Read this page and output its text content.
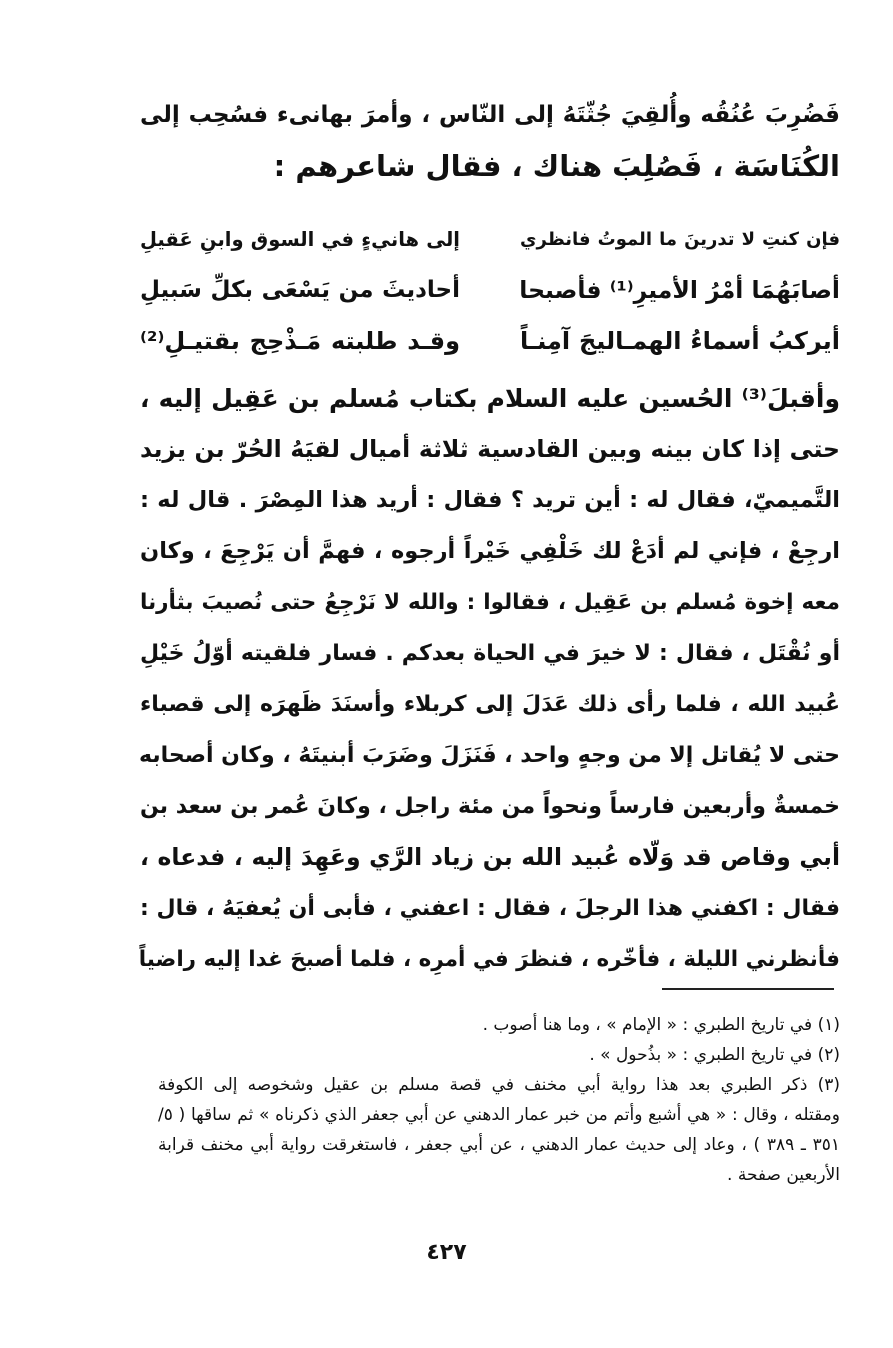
فَضُرِبَ عُنُقُه وأُلقِيَ جُثّتَهُ إلى النّاس ، وأمرَ بهانىء فسُحِب إلى
الكُنَاسَة ، فَصُلِبَ هناك ، فقال شاعرهم :
فإن كنتِ لا تدرينَ ما الموتُ فانظري
إلى هانيءٍ في السوق وابنِ عَقيلِ
أصابَهُمَا أمْرُ الأميرِ⁽¹⁾ فأصبحا
أحاديثَ من يَسْعَى بكلِّ سَبيلِ
أيركبُ أسماءُ الهمـاليجَ آمِنـاً
وقـد طلبته مَـذْحِج بقتيـلِ⁽²⁾
وأقبلَ⁽³⁾ الحُسين عليه السلام بكتاب مُسلم بن عَقِيل إليه ،
حتى إذا كان بينه وبين القادسية ثلاثة أميال لقيَهُ الحُرّ بن يزيد
التَّميميّ، فقال له : أين تريد ؟ فقال : أريد هذا المِصْرَ . قال له :
ارجِعْ ، فإني لم أدَعْ لك خَلْفِي خَيْراً أرجوه ، فهمَّ أن يَرْجِعَ ، وكان
معه إخوة مُسلم بن عَقِيل ، فقالوا : والله لا نَرْجِعُ حتى نُصيبَ بثأرنا
أو نُقْتَل ، فقال : لا خيرَ في الحياة بعدكم . فسار فلقيته أوّلُ خَيْلِ
عُبيد الله ، فلما رأى ذلك عَدَلَ إلى كربلاء وأسنَدَ ظَهرَه إلى قصباء
حتى لا يُقاتل إلا من وجهٍ واحد ، فَنَزَلَ وضَرَبَ أبنيتَهُ ، وكان أصحابه
خمسةٌ وأربعين فارساً ونحواً من مئة راجل ، وكانَ عُمر بن سعد بن
أبي وقاص قد وَلّاه عُبيد الله بن زياد الرَّي وعَهِدَ إليه ، فدعاه ،
فقال : اكفني هذا الرجلَ ، فقال : اعفني ، فأبى أن يُعفيَهُ ، قال :
فأنظرني الليلة ، فأخّره ، فنظرَ في أمرِه ، فلما أصبحَ غدا إليه راضياً
(١) في تاريخ الطبري : « الإمام » ، وما هنا أصوب .
(٢) في تاريخ الطبري : « بذُحول » .
(٣) ذكر الطبري بعد هذا رواية أبي مخنف في قصة مسلم بن عقيل وشخوصه إلى الكوفة
ومقتله ، وقال : « هي أشبع وأتم من خبر عمار الدهني عن أبي جعفر الذي ذكرناه » ثم ساقها ( ٥/
٣٥١ ـ ٣٨٩ ) ، وعاد إلى حديث عمار الدهني ، عن أبي جعفر ، فاستغرقت رواية أبي مخنف قرابة
الأربعين صفحة .
٤٢٧
